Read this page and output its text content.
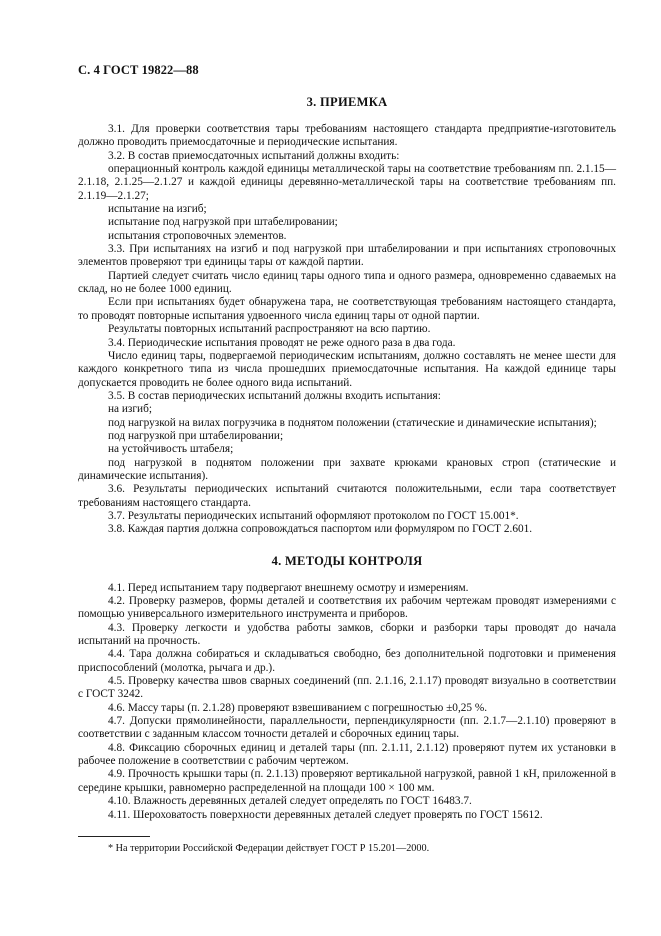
С. 4 ГОСТ 19822—88
3. ПРИЕМКА

3.1. Для проверки соответствия тары требованиям настоящего стандарта предприятие-изготовитель должно проводить приемосдаточные и периодические испытания.

3.2. В состав приемосдаточных испытаний должны входить:

операционный контроль каждой единицы металлической тары на соответствие требованиям пп. 2.1.15—2.1.18, 2.1.25—2.1.27 и каждой единицы деревянно-металлической тары на соответствие требованиям пп. 2.1.19—2.1.27;

испытание на изгиб;

испытание под нагрузкой при штабелировании;

испытания строповочных элементов.

3.3. При испытаниях на изгиб и под нагрузкой при штабелировании и при испытаниях строповочных элементов проверяют три единицы тары от каждой партии.

Партией следует считать число единиц тары одного типа и одного размера, одновременно сдаваемых на склад, но не более 1000 единиц.

Если при испытаниях будет обнаружена тара, не соответствующая требованиям настоящего стандарта, то проводят повторные испытания удвоенного числа единиц тары от одной партии.

Результаты повторных испытаний распространяют на всю партию.

3.4. Периодические испытания проводят не реже одного раза в два года.

Число единиц тары, подвергаемой периодическим испытаниям, должно составлять не менее шести для каждого конкретного типа из числа прошедших приемосдаточные испытания. На каждой единице тары допускается проводить не более одного вида испытаний.

3.5. В состав периодических испытаний должны входить испытания:

на изгиб;

под нагрузкой на вилах погрузчика в поднятом положении (статические и динамические испытания);

под нагрузкой при штабелировании;

на устойчивость штабеля;

под нагрузкой в поднятом положении при захвате крюками крановых строп (статические и динамические испытания).

3.6. Результаты периодических испытаний считаются положительными, если тара соответствует требованиям настоящего стандарта.

3.7. Результаты периодических испытаний оформляют протоколом по ГОСТ 15.001*.

3.8. Каждая партия должна сопровождаться паспортом или формуляром по ГОСТ 2.601.

4. МЕТОДЫ КОНТРОЛЯ

4.1. Перед испытанием тару подвергают внешнему осмотру и измерениям.

4.2. Проверку размеров, формы деталей и соответствия их рабочим чертежам проводят измерениями с помощью универсального измерительного инструмента и приборов.

4.3. Проверку легкости и удобства работы замков, сборки и разборки тары проводят до начала испытаний на прочность.

4.4. Тара должна собираться и складываться свободно, без дополнительной подготовки и применения приспособлений (молотка, рычага и др.).

4.5. Проверку качества швов сварных соединений (пп. 2.1.16, 2.1.17) проводят визуально в соответствии с ГОСТ 3242.

4.6. Массу тары (п. 2.1.28) проверяют взвешиванием с погрешностью ±0,25 %.

4.7. Допуски прямолинейности, параллельности, перпендикулярности (пп. 2.1.7—2.1.10) проверяют в соответствии с заданным классом точности деталей и сборочных единиц тары.

4.8. Фиксацию сборочных единиц и деталей тары (пп. 2.1.11, 2.1.12) проверяют путем их установки в рабочее положение в соответствии с рабочим чертежом.

4.9. Прочность крышки тары (п. 2.1.13) проверяют вертикальной нагрузкой, равной 1 кН, приложенной в середине крышки, равномерно распределенной на площади 100 × 100 мм.

4.10. Влажность деревянных деталей следует определять по ГОСТ 16483.7.

4.11. Шероховатость поверхности деревянных деталей следует проверять по ГОСТ 15612.

* На территории Российской Федерации действует ГОСТ Р 15.201—2000.
